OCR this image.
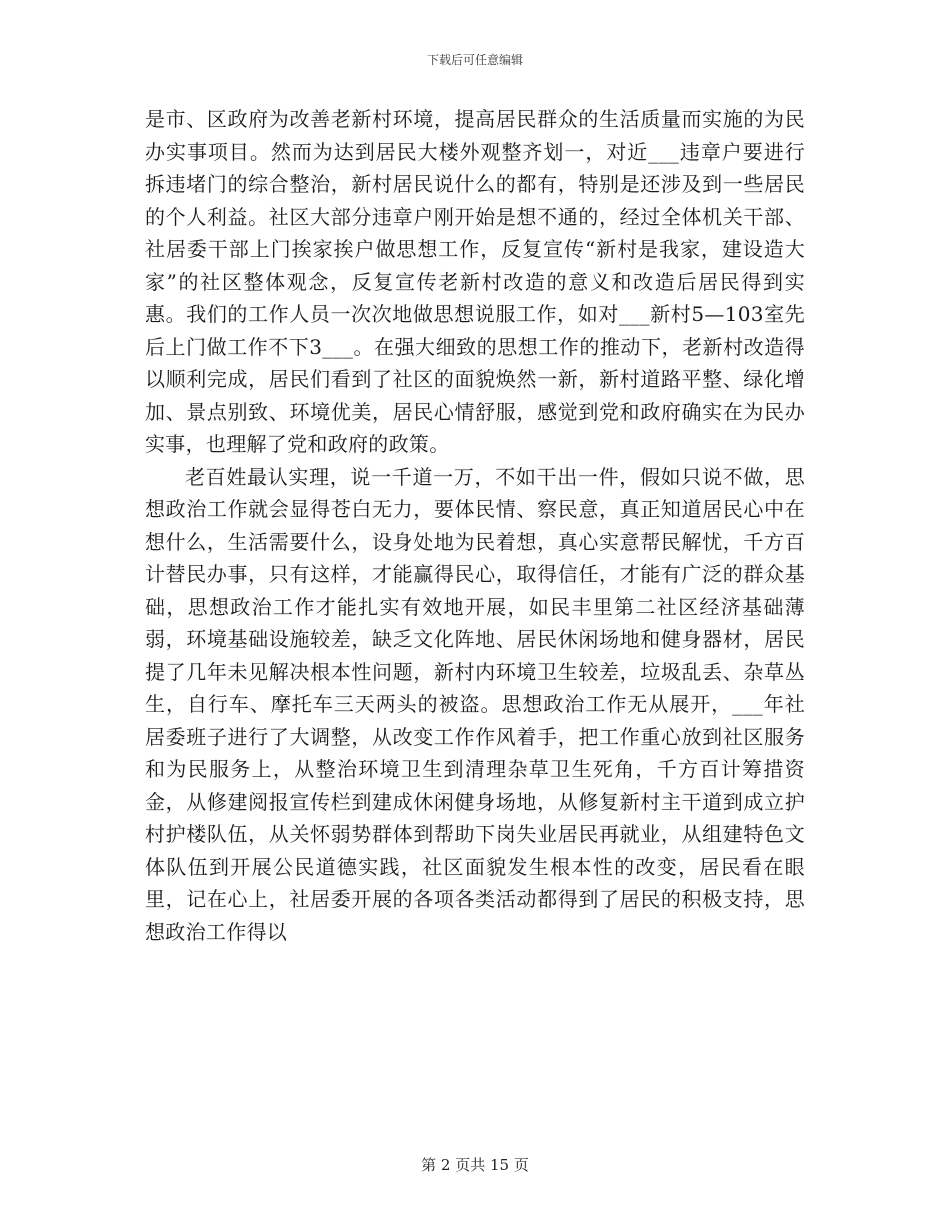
下载后可任意编辑

是市、区政府为改善老新村环境，提高居民群众的生活质量而实施的为民办实事项目。然而为达到居民大楼外观整齐划一，对近___违章户要进行拆违堵门的综合整治，新村居民说什么的都有，特别是还涉及到一些居民的个人利益。社区大部分违章户刚开始是想不通的，经过全体机关干部、社居委干部上门挨家挨户做思想工作，反复宣传“新村是我家，建设造大家”的社区整体观念，反复宣传老新村改造的意义和改造后居民得到实惠。我们的工作人员一次次地做思想说服工作，如对___新村5—103室先后上门做工作不下3___。在强大细致的思想工作的推动下，老新村改造得以顺利完成，居民们看到了社区的面貌焕然一新，新村道路平整、绿化增加、景点别致、环境优美，居民心情舒服，感觉到党和政府确实在为民办实事，也理解了党和政府的政策。

老百姓最认实理，说一千道一万，不如干出一件，假如只说不做，思想政治工作就会显得苍白无力，要体民情、察民意，真正知道居民心中在想什么，生活需要什么，设身处地为民着想，真心实意帮民解忧，千方百计替民办事，只有这样，才能赢得民心，取得信任，才能有广泛的群众基础，思想政治工作才能扎实有效地开展，如民丰里第二社区经济基础薄弱，环境基础设施较差，缺乏文化阵地、居民休闲场地和健身器材，居民提了几年未见解决根本性问题，新村内环境卫生较差，垃圾乱丢、杂草丛生，自行车、摩托车三天两头的被盗。思想政治工作无从展开，___年社居委班子进行了大调整，从改变工作作风着手，把工作重心放到社区服务和为民服务上，从整治环境卫生到清理杂草卫生死角，千方百计筹措资金，从修建阅报宣传栏到建成休闲健身场地，从修复新村主干道到成立护村护楼队伍，从关怀弱势群体到帮助下岗失业居民再就业，从组建特色文体队伍到开展公民道德实践，社区面貌发生根本性的改变，居民看在眼里，记在心上，社居委开展的各项各类活动都得到了居民的积极支持，思想政治工作得以

第 2 页共 15 页
